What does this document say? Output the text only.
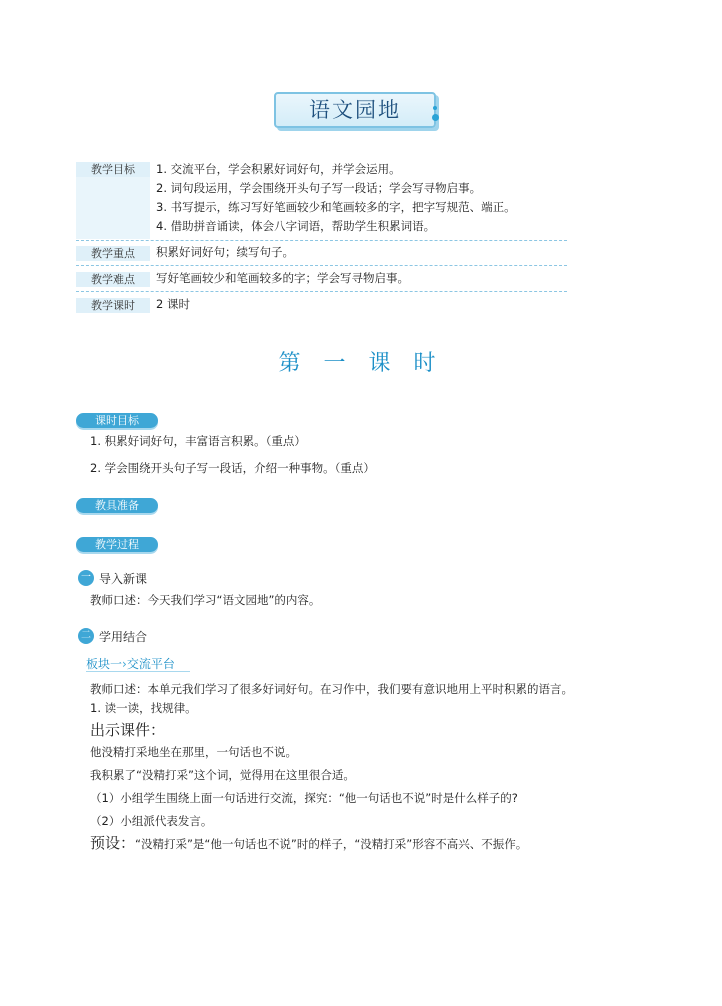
语文园地
教学目标	1. 交流平台，学会积累好词好句，并学会运用。
2. 词句段运用，学会围绕开头句子写一段话；学会写寻物启事。
3. 书写提示，练习写好笔画较少和笔画较多的字，把字写规范、端正。
4. 借助拼音诵读，体会八字词语，帮助学生积累词语。
教学重点	积累好词好句；续写句子。
教学难点	写好笔画较少和笔画较多的字；学会写寻物启事。
教学课时	2 课时
第 一 课 时
课时目标
1. 积累好词好句，丰富语言积累。（重点）
2. 学会围绕开头句子写一段话，介绍一种事物。（重点）
教具准备
教学过程
一 导入新课
教师口述：今天我们学习“语文园地”的内容。
二 学用结合
板块一›交流平台
教师口述：本单元我们学习了很多好词好句。在习作中，我们要有意识地用上平时积累的语言。
1. 读一读，找规律。
出示课件：
他没精打采地坐在那里，一句话也不说。
我积累了“没精打采”这个词，觉得用在这里很合适。
（1）小组学生围绕上面一句话进行交流，探究：“他一句话也不说”时是什么样子的?
（2）小组派代表发言。
预设：“没精打采”是“他一句话也不说”时的样子，“没精打采”形容不高兴、不振作。
